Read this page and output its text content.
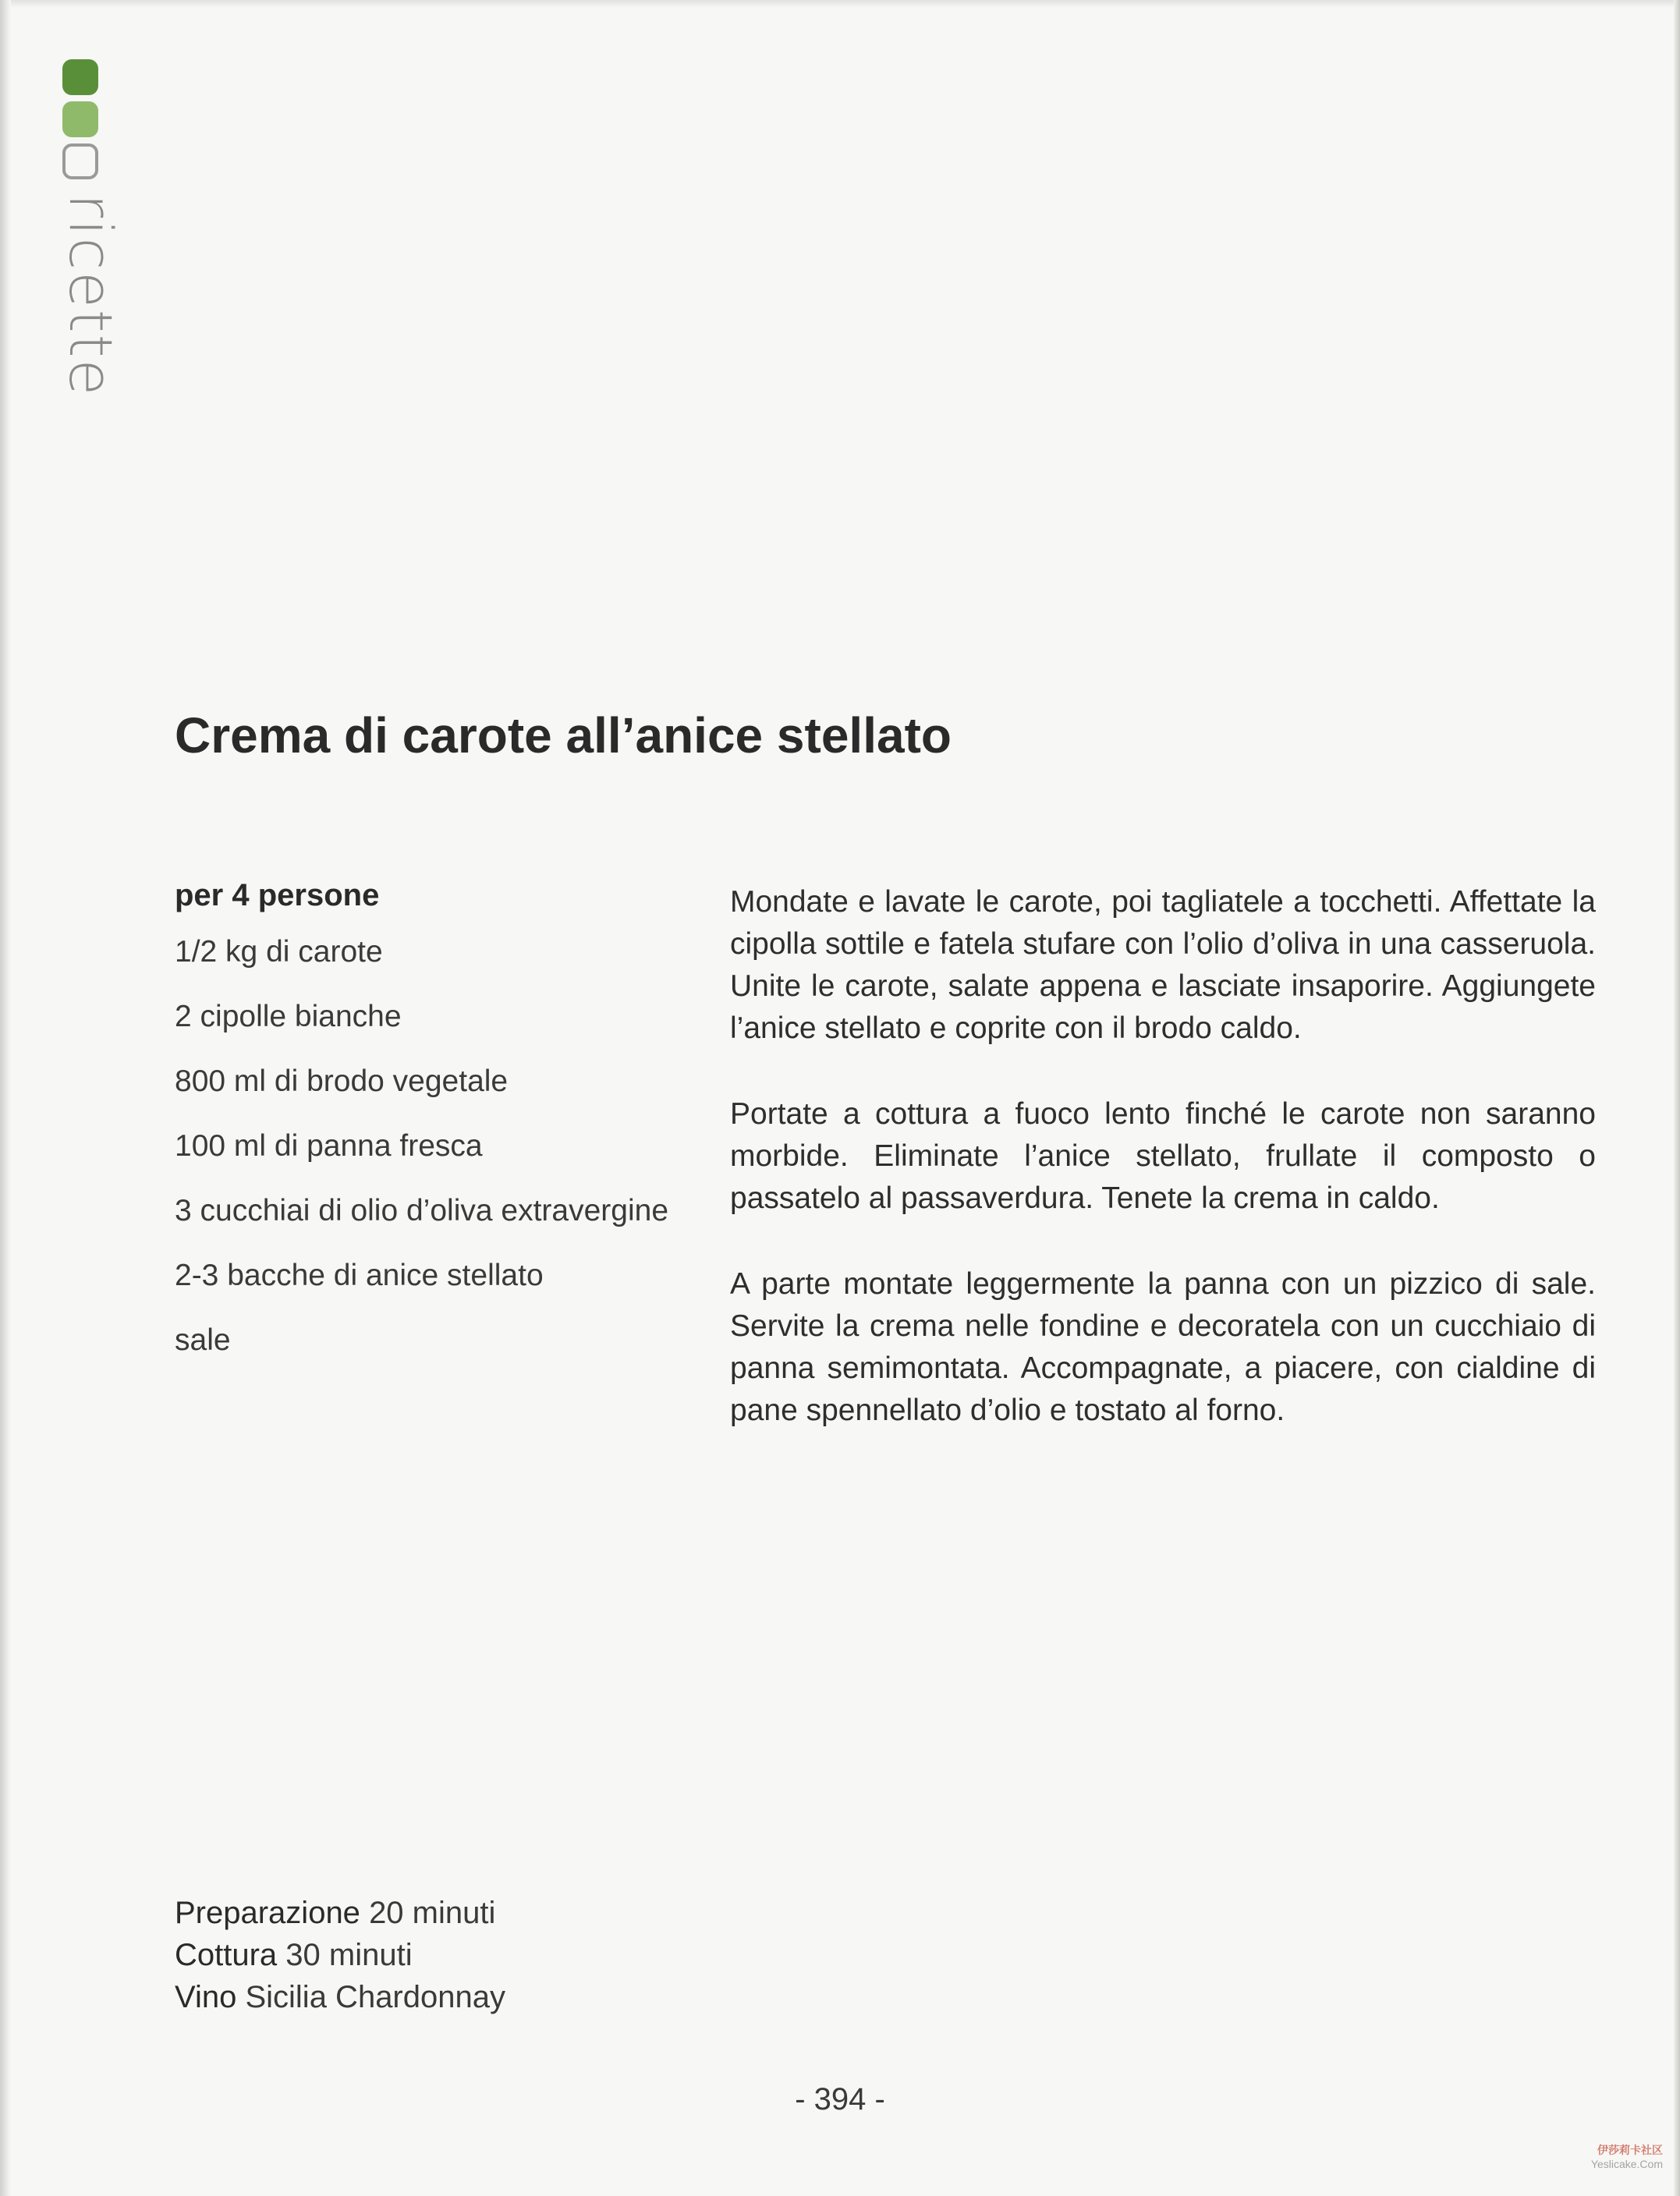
ricette
Crema di carote all’anice stellato
per 4 persone
1/2 kg di carote
2 cipolle bianche
800 ml di brodo vegetale
100 ml di panna fresca
3 cucchiai di olio d’oliva extravergine
2-3 bacche di anice stellato
sale

Mondate e lavate le carote, poi tagliatele a tocchetti. Affettate la cipolla sottile e fatela stufare con l’olio d’oliva in una casseruola. Unite le carote, salate appena e lasciate insaporire. Aggiungete l’anice stellato e coprite con il brodo caldo.

Portate a cottura a fuoco lento finché le carote non saranno morbide. Eliminate l’anice stellato, frullate il composto o passatelo al passaverdura. Tenete la crema in caldo.

A parte montate leggermente la panna con un pizzico di sale. Servite la crema nelle fondine e decoratela con un cucchiaio di panna semimontata. Accompagnate, a piacere, con cialdine di pane spennellato d’olio e tostato al forno.

Preparazione 20 minuti
Cottura 30 minuti
Vino Sicilia Chardonnay
- 394 -
伊莎莉卡社区
Yeslicake.Com
